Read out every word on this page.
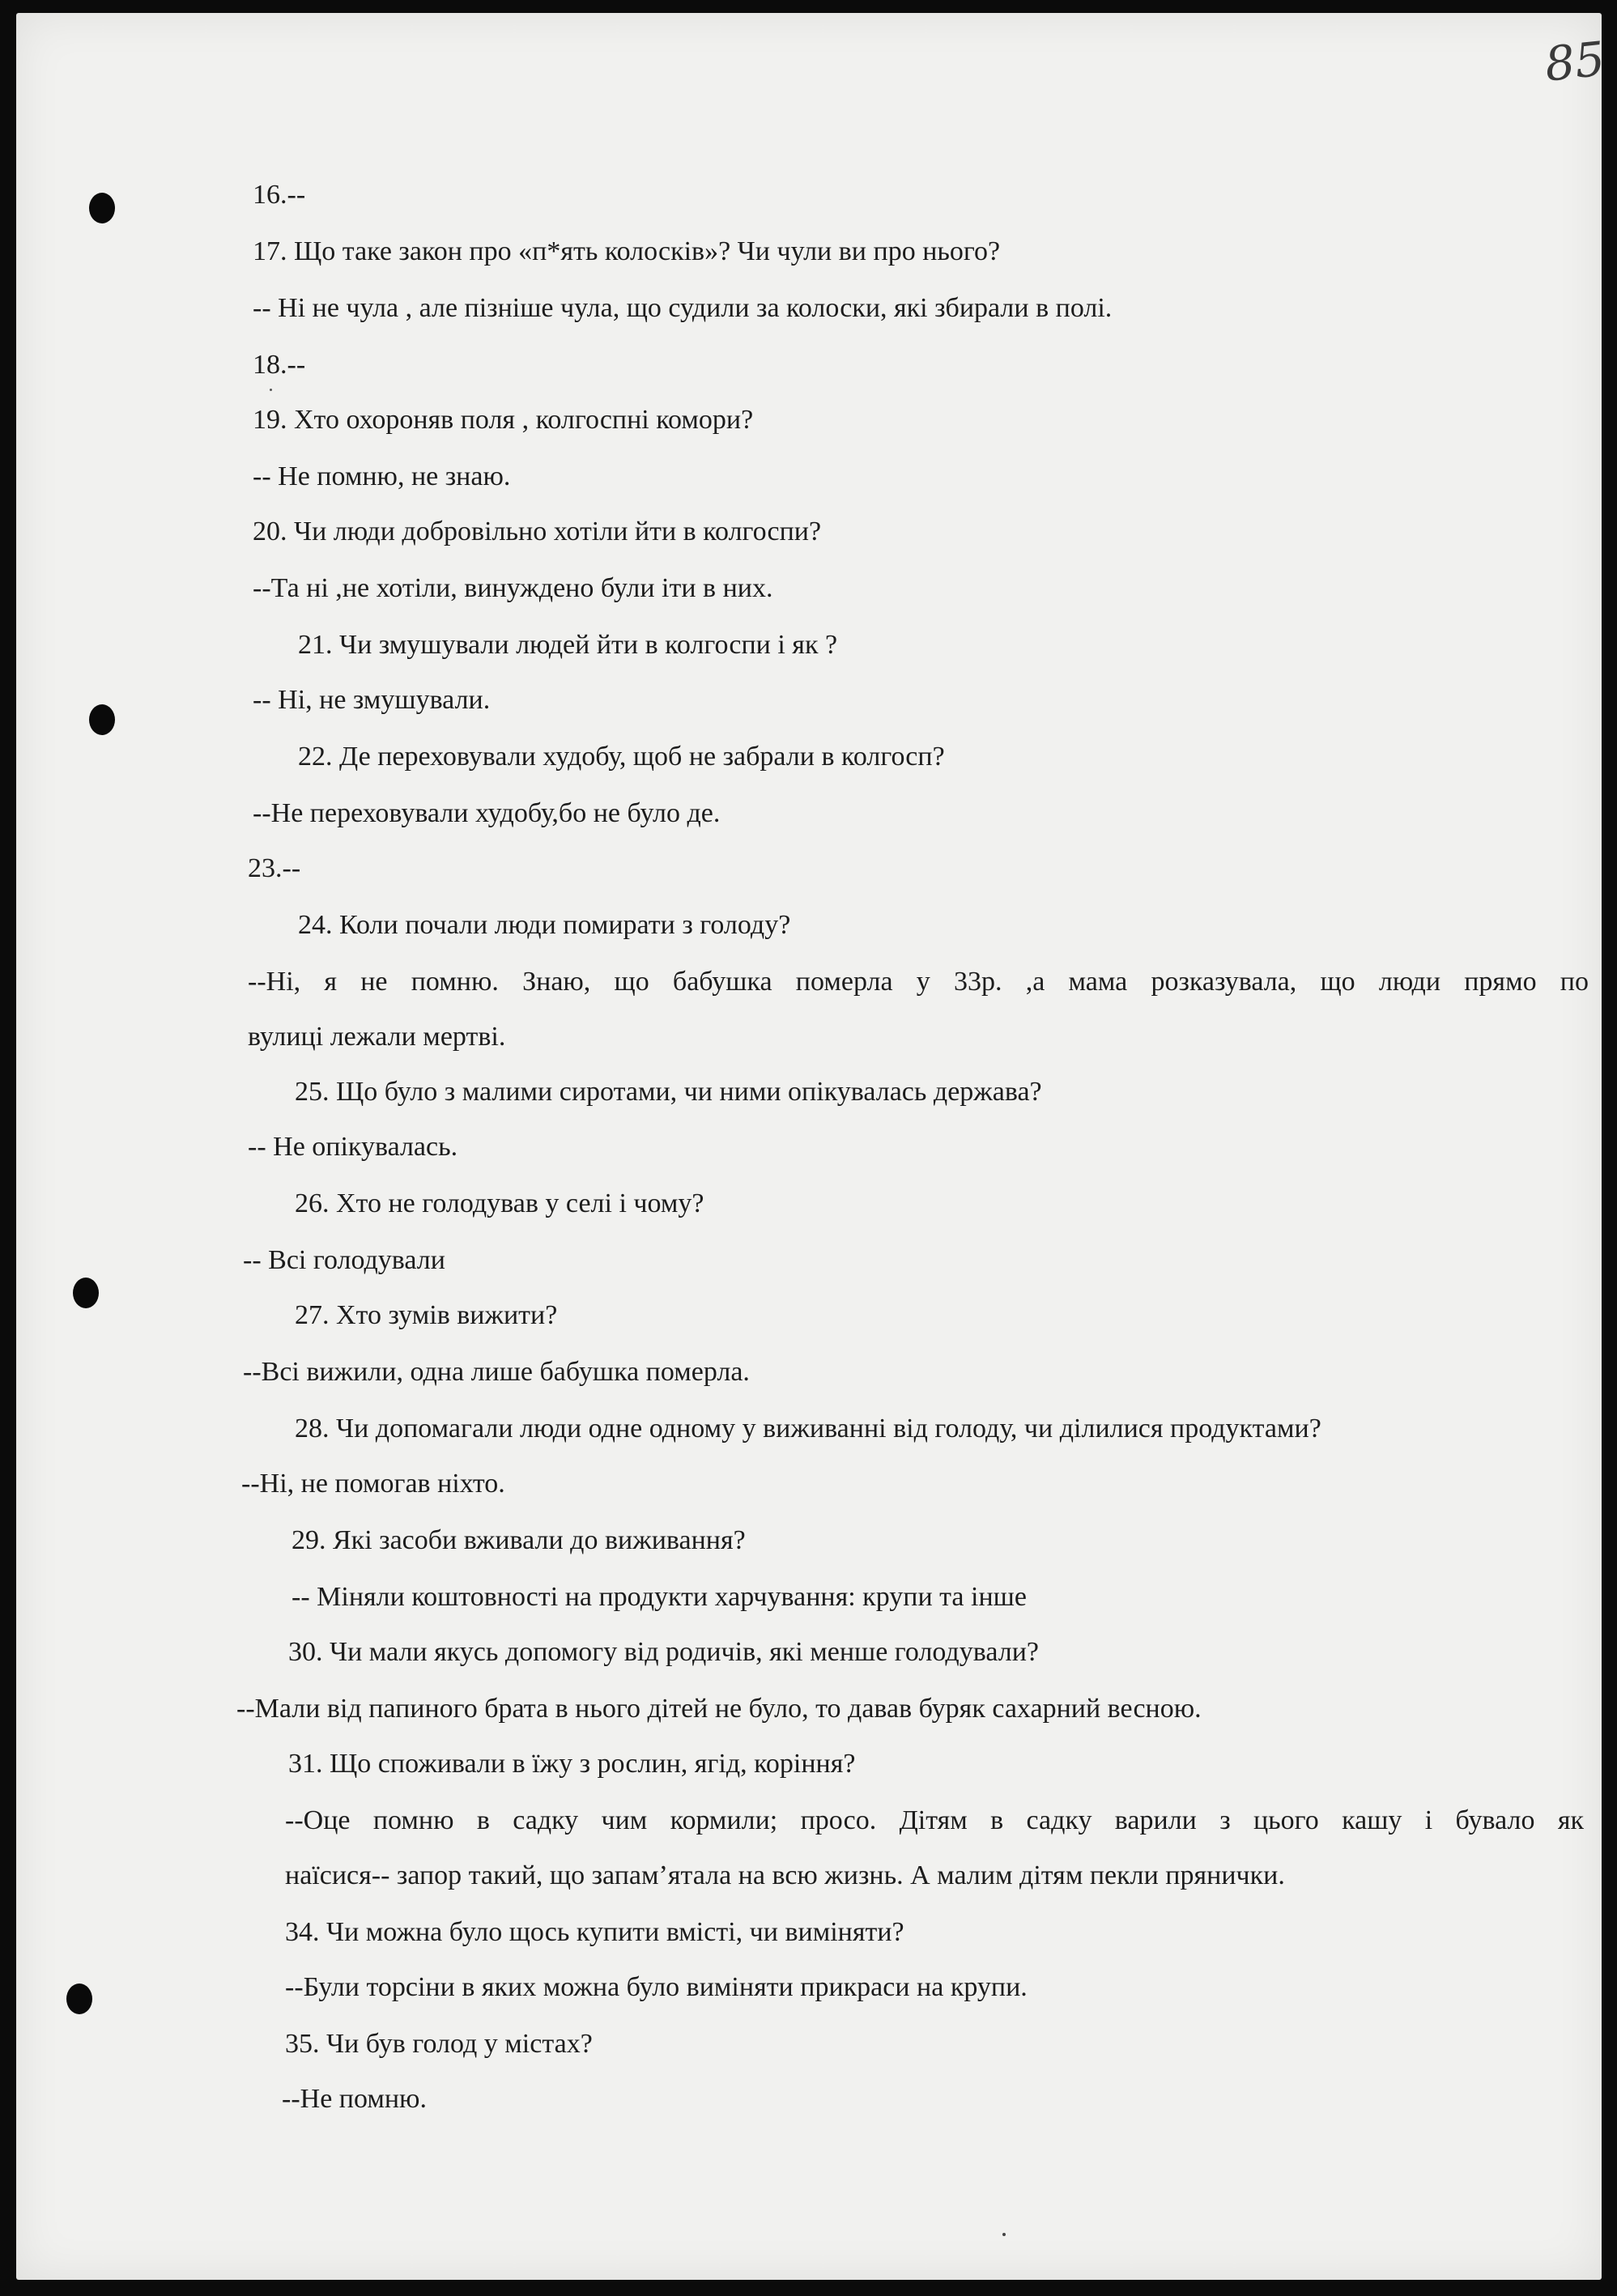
85

16.--

17. Що таке закон про «п*ять колосків»? Чи чули ви про нього?

-- Ні не чула , але пізніше чула, що судили за колоски, які збирали в полі.

18.--

19. Хто охороняв поля , колгоспні комори?

-- Не помню, не знаю.

20. Чи люди добровільно хотіли йти в колгоспи?

--Та ні ,не хотіли, винуждено були іти в них.

21. Чи змушували людей йти в колгоспи і як ?

-- Ні, не змушували.

22. Де переховували худобу, щоб не забрали в колгосп?

--Не переховували худобу,бо не було де.

23.--

24. Коли почали люди помирати з голоду?

--Ні, я не помню. Знаю, що бабушка померла у 33р. ,а мама розказувала, що люди прямо по

вулиці лежали мертві.

25. Що було з малими сиротами, чи ними опікувалась держава?

-- Не опікувалась.

26. Хто не голодував у селі і чому?

-- Всі голодували

27. Хто зумів вижити?

--Всі вижили, одна лише бабушка померла.

28. Чи допомагали люди одне одному у виживанні від голоду, чи ділилися продуктами?

--Ні, не помогав ніхто.

29. Які засоби вживали до виживання?

-- Міняли коштовності на продукти харчування: крупи та інше

30. Чи мали якусь допомогу від родичів, які менше голодували?

--Мали від папиного брата в нього дітей не було, то давав буряк сахарний весною.

31. Що споживали в їжу з рослин, ягід, коріння?

--Оце помню в садку чим кормили; просо. Дітям в садку варили з цього кашу і бувало як

наїсися-- запор такий, що запам’ятала на всю жизнь. А малим дітям пекли прянички.

34. Чи можна було щось купити вмісті, чи виміняти?

--Були торсіни в яких можна було виміняти прикраси на крупи.

35. Чи був голод у містах?

--Не помню.
